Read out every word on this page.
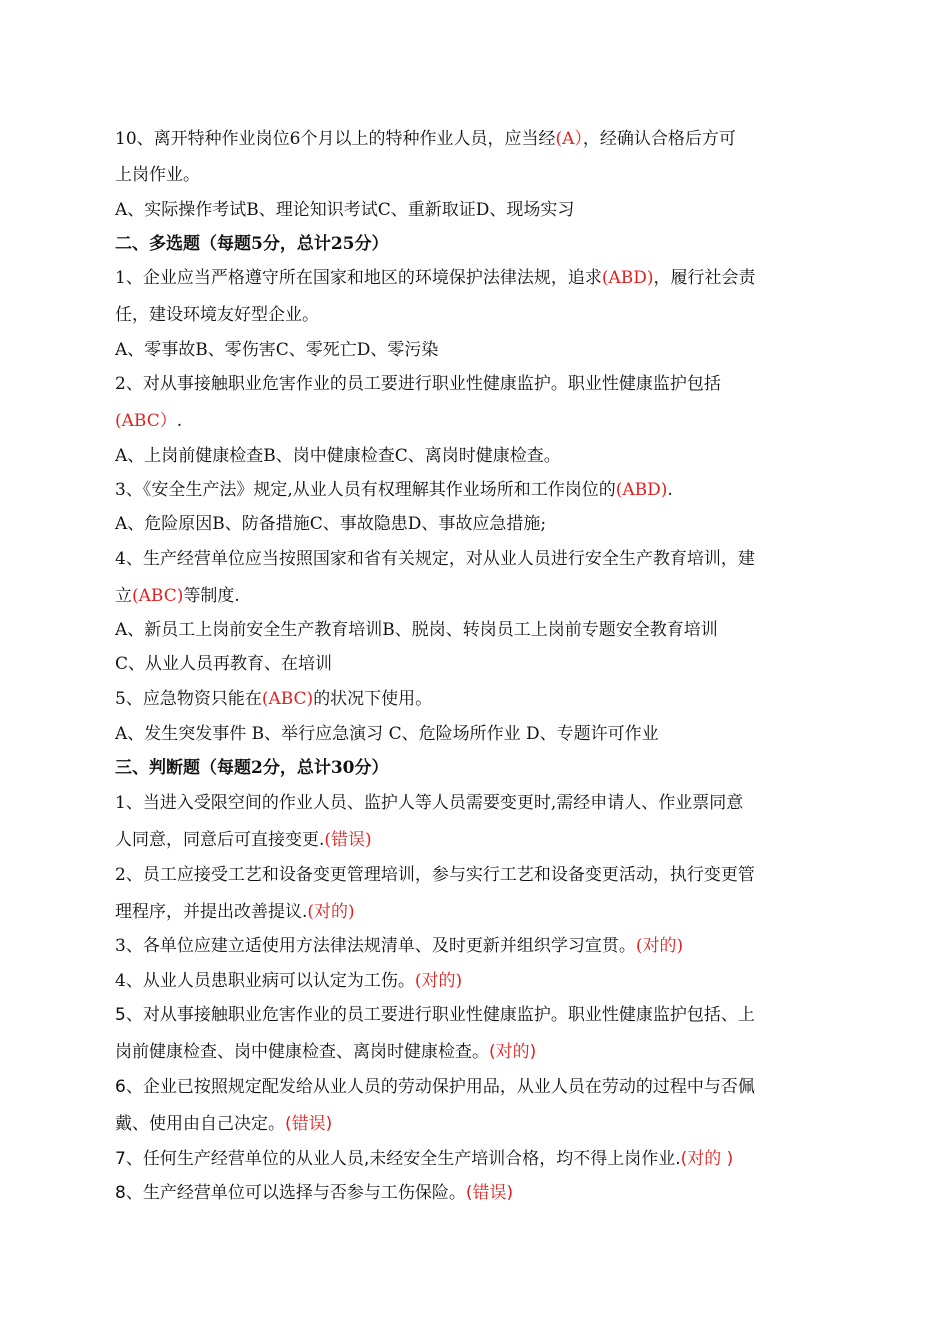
10、离开特种作业岗位6个月以上的特种作业人员，应当经(A），经确认合格后方可
上岗作业。
A、实际操作考试B、理论知识考试C、重新取证D、现场实习
二、多选题（每题5分，总计25分）
1、企业应当严格遵守所在国家和地区的环境保护法律法规，追求(ABD)，履行社会责
任，建设环境友好型企业。
A、零事故B、零伤害C、零死亡D、零污染
2、对从事接触职业危害作业的员工要进行职业性健康监护。职业性健康监护包括
(ABC）.
A、上岗前健康检查B、岗中健康检查C、离岗时健康检查。
3、《安全生产法》规定,从业人员有权理解其作业场所和工作岗位的(ABD).
A、危险原因B、防备措施C、事故隐患D、事故应急措施;
4、生产经营单位应当按照国家和省有关规定，对从业人员进行安全生产教育培训，建
立(ABC)等制度.
A、新员工上岗前安全生产教育培训B、脱岗、转岗员工上岗前专题安全教育培训
C、从业人员再教育、在培训
5、应急物资只能在(ABC)的状况下使用。
A、发生突发事件 B、举行应急演习 C、危险场所作业 D、专题许可作业
三、判断题（每题2分，总计30分）
1、当进入受限空间的作业人员、监护人等人员需要变更时,需经申请人、作业票同意
人同意，同意后可直接变更.(错误)
2、员工应接受工艺和设备变更管理培训，参与实行工艺和设备变更活动，执行变更管
理程序，并提出改善提议.(对的)
3、各单位应建立适使用方法律法规清单、及时更新并组织学习宣贯。(对的)
4、从业人员患职业病可以认定为工伤。(对的)
5、对从事接触职业危害作业的员工要进行职业性健康监护。职业性健康监护包括、上
岗前健康检查、岗中健康检查、离岗时健康检查。(对的)
6、企业已按照规定配发给从业人员的劳动保护用品，从业人员在劳动的过程中与否佩
戴、使用由自己决定。(错误)
7、任何生产经营单位的从业人员,未经安全生产培训合格，均不得上岗作业.(对的 )
8、生产经营单位可以选择与否参与工伤保险。(错误)
